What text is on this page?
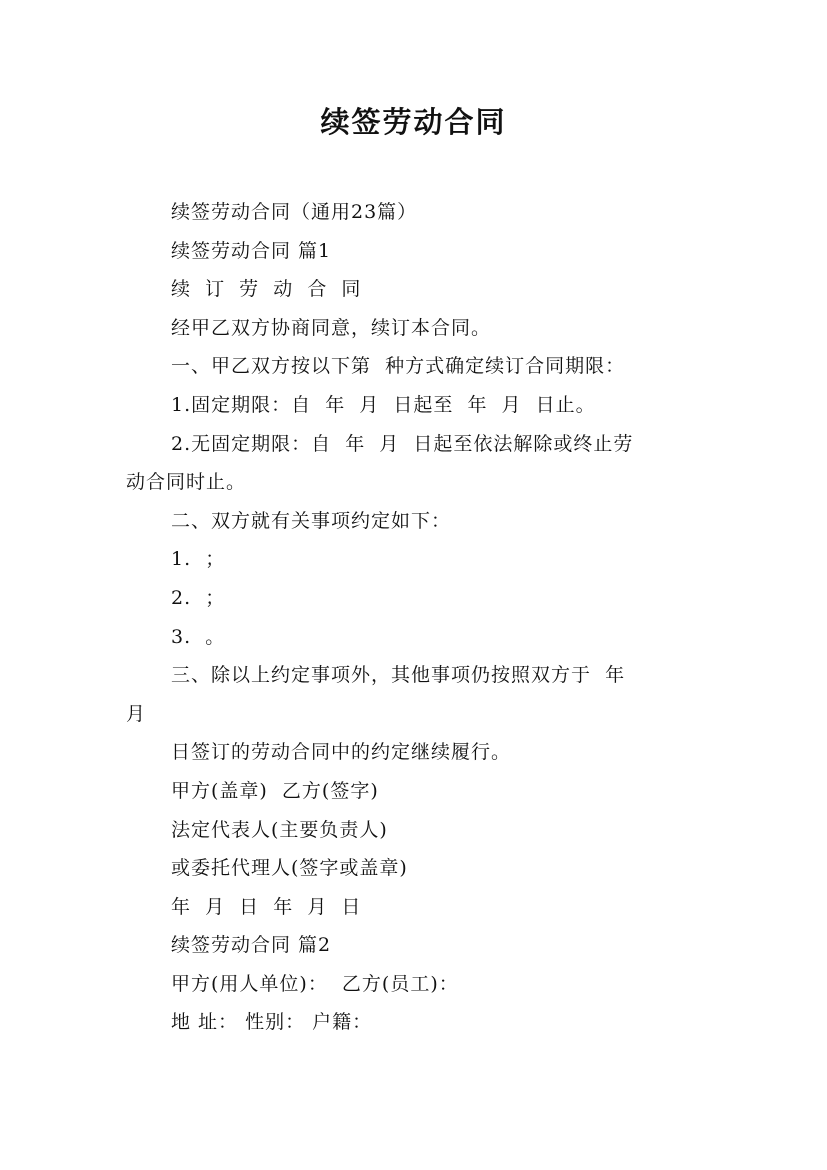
续签劳动合同
续签劳动合同（通用23篇）
续签劳动合同 篇1
续  订  劳  动  合  同
经甲乙双方协商同意，续订本合同。
一、甲乙双方按以下第  种方式确定续订合同期限：
1.固定期限：自  年  月  日起至  年  月  日止。
2.无固定期限：自  年  月  日起至依法解除或终止劳
动合同时止。
二、双方就有关事项约定如下：
1.  ；
2.  ；
3.  。
三、除以上约定事项外，其他事项仍按照双方于  年
月
日签订的劳动合同中的约定继续履行。
甲方(盖章)  乙方(签字)
法定代表人(主要负责人)
或委托代理人(签字或盖章)
年  月  日  年  月  日
续签劳动合同 篇2
甲方(用人单位)：  乙方(员工)：
地 址： 性别： 户籍：
